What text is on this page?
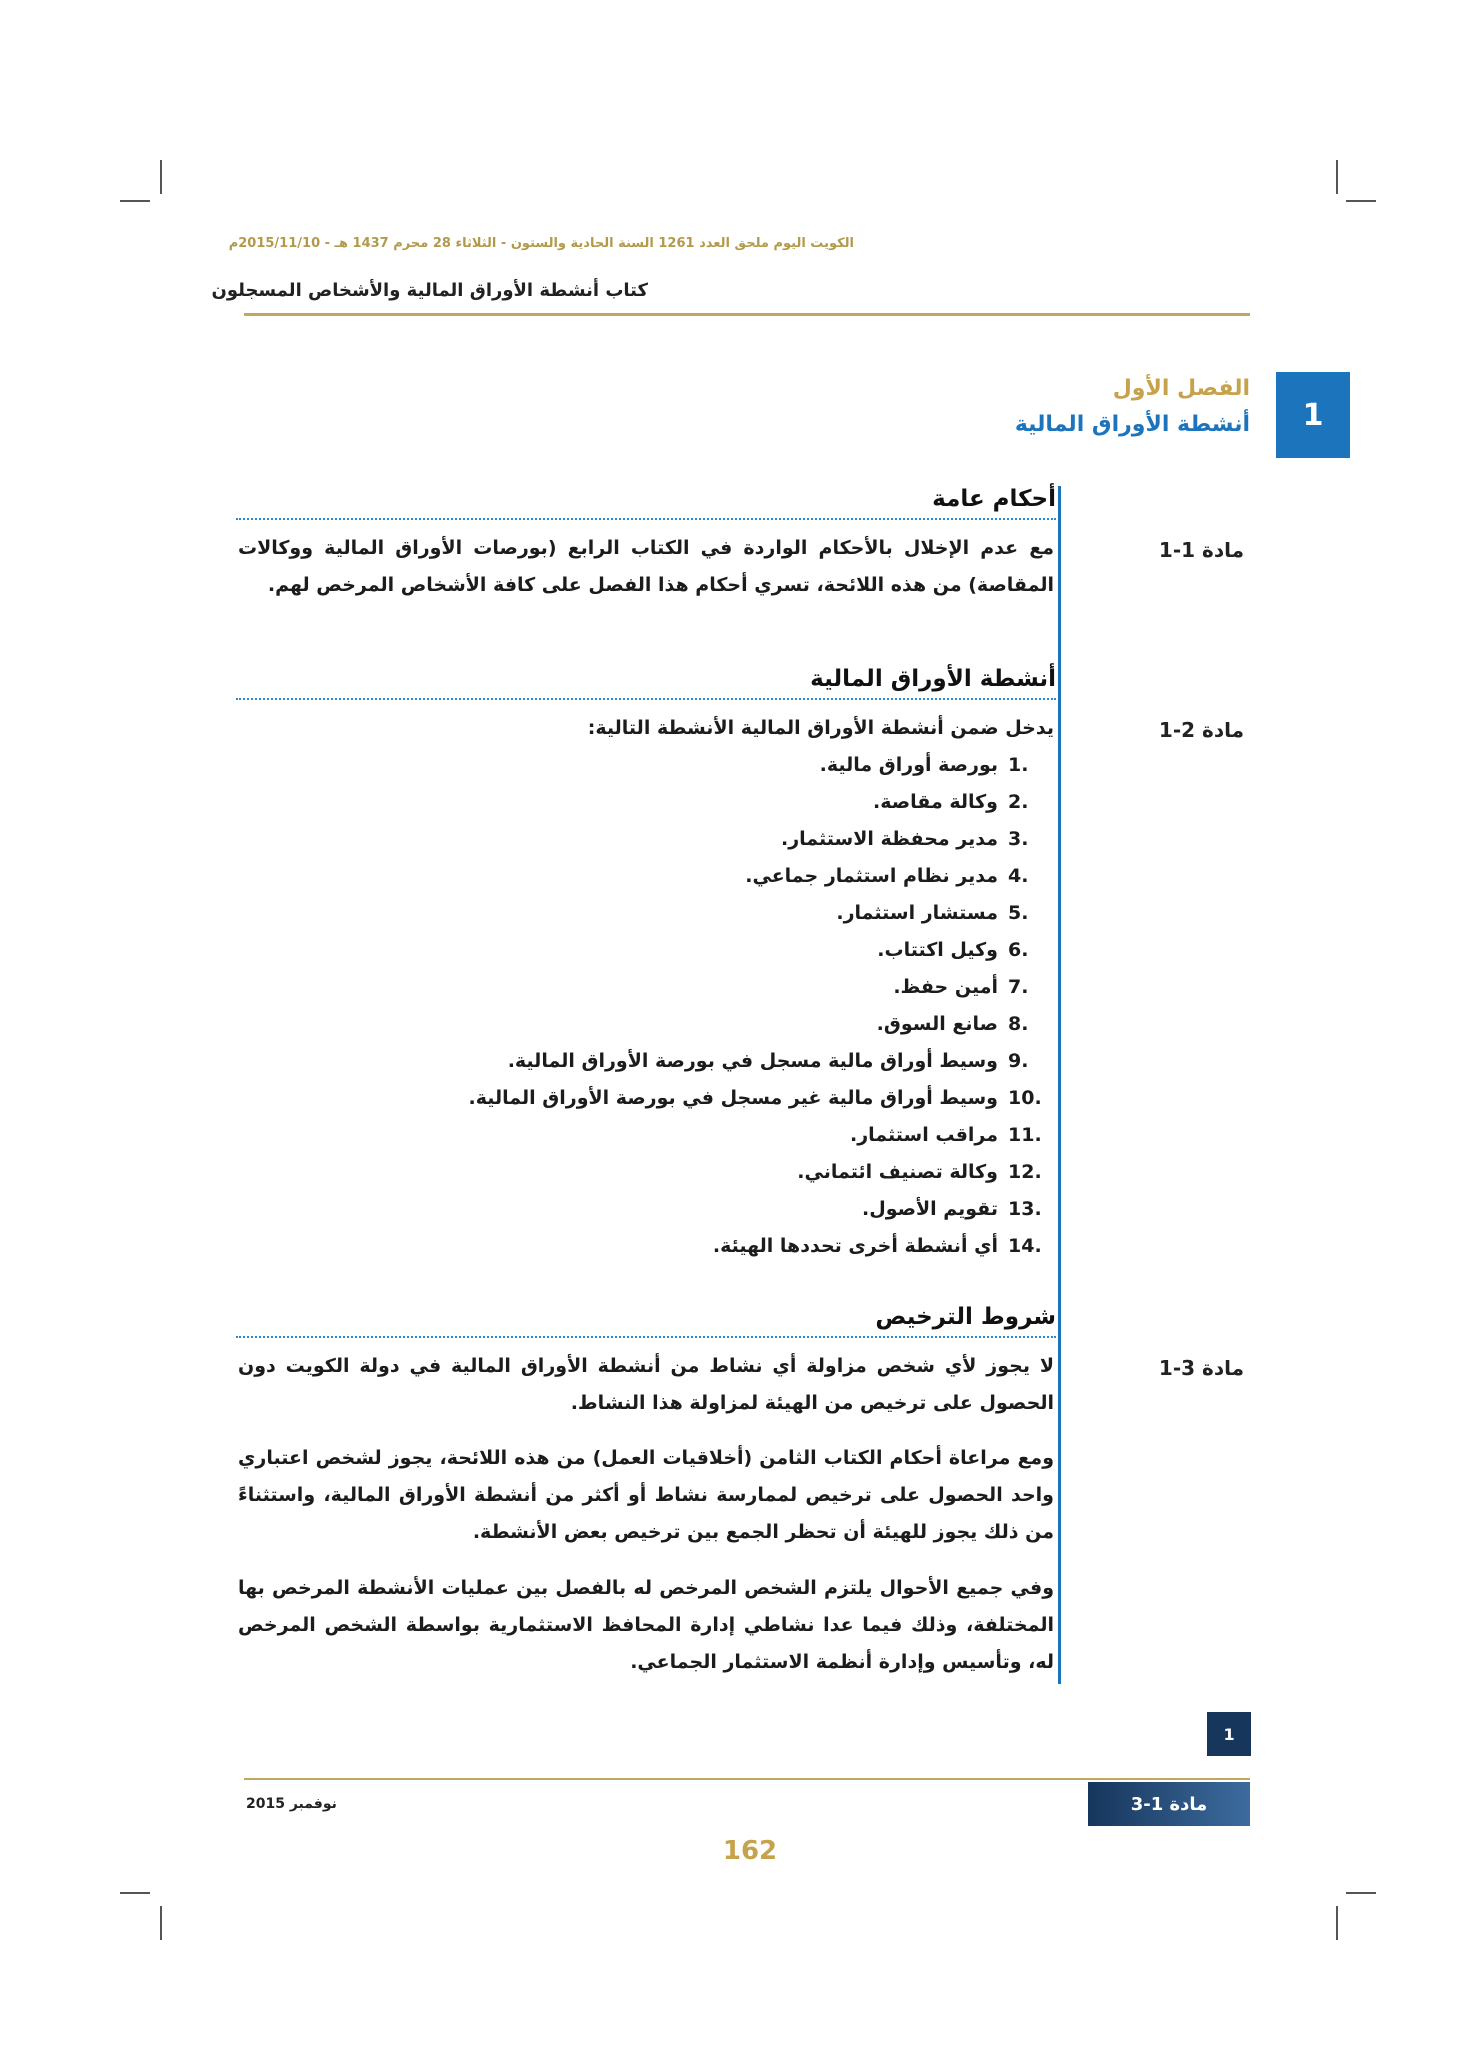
الكويت اليوم ملحق العدد 1261 السنة الحادية والستون - الثلاثاء 28 محرم 1437 هـ - 2015/11/10م
كتاب أنشطة الأوراق المالية والأشخاص المسجلون
1
الفصل الأول
أنشطة الأوراق المالية
أحكام عامة
مادة 1-1
مع عدم الإخلال بالأحكام الواردة في الكتاب الرابع (بورصات الأوراق المالية ووكالات المقاصة) من هذه اللائحة، تسري أحكام هذا الفصل على كافة الأشخاص المرخص لهم.
أنشطة الأوراق المالية
مادة 2-1
يدخل ضمن أنشطة الأوراق المالية الأنشطة التالية:
1.
بورصة أوراق مالية.
2.
وكالة مقاصة.
3.
مدير محفظة الاستثمار.
4.
مدير نظام استثمار جماعي.
5.
مستشار استثمار.
6.
وكيل اكتتاب.
7.
أمين حفظ.
8.
صانع السوق.
9.
وسيط أوراق مالية مسجل في بورصة الأوراق المالية.
10.
وسيط أوراق مالية غير مسجل في بورصة الأوراق المالية.
11.
مراقب استثمار.
12.
وكالة تصنيف ائتماني.
13.
تقويم الأصول.
14.
أي أنشطة أخرى تحددها الهيئة.
شروط الترخيص
مادة 3-1
لا يجوز لأي شخص مزاولة أي نشاط من أنشطة الأوراق المالية في دولة الكويت دون الحصول على ترخيص من الهيئة لمزاولة هذا النشاط.
ومع مراعاة أحكام الكتاب الثامن (أخلاقيات العمل) من هذه اللائحة، يجوز لشخص اعتباري واحد الحصول على ترخيص لممارسة نشاط أو أكثر من أنشطة الأوراق المالية، واستثناءً من ذلك يجوز للهيئة أن تحظر الجمع بين ترخيص بعض الأنشطة.
وفي جميع الأحوال يلتزم الشخص المرخص له بالفصل بين عمليات الأنشطة المرخص بها المختلفة، وذلك فيما عدا نشاطي إدارة المحافظ الاستثمارية بواسطة الشخص المرخص له، وتأسيس وإدارة أنظمة الاستثمار الجماعي.
1
مادة 1-3
نوفمبر 2015
162
